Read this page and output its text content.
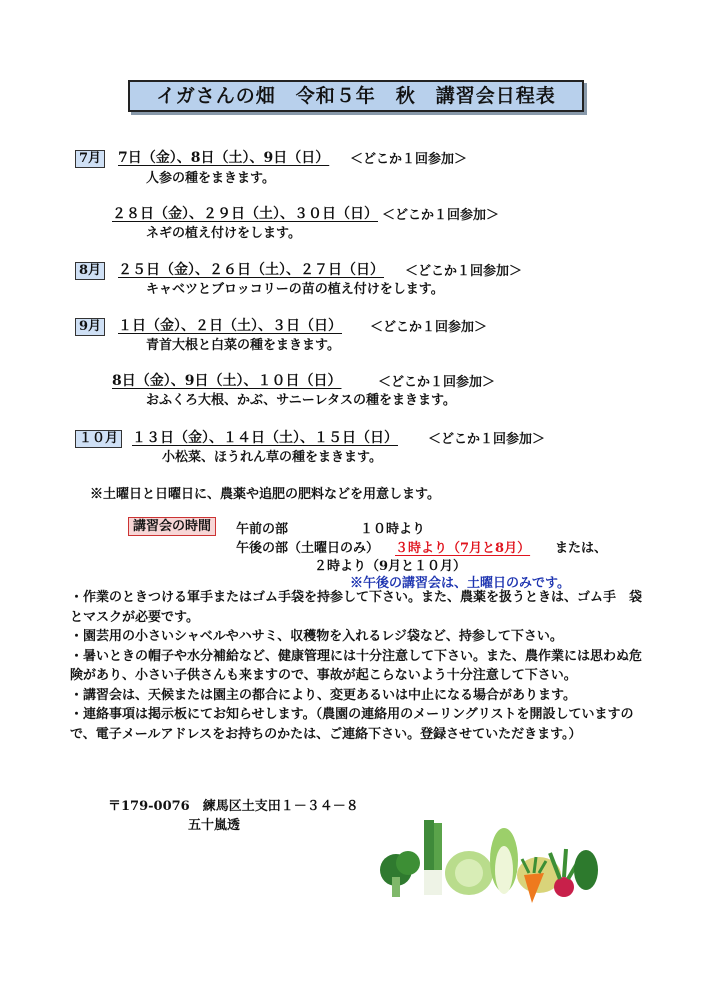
イガさんの畑　令和５年　秋　講習会日程表
7月 7日（金）、8日（土）、9日（日） ＜どこか１回参加＞
人参の種をまきます。
２８日（金）、２９日（土）、３０日（日） ＜どこか１回参加＞
ネギの植え付けをします。
8月 ２５日（金）、２６日（土）、２７日（日） ＜どこか１回参加＞
キャベツとブロッコリーの苗の植え付けをします。
9月 １日（金）、２日（土）、３日（日） ＜どこか１回参加＞
青首大根と白菜の種をまきます。
8日（金）、9日（土）、１０日（日）	＜どこか１回参加＞
おふくろ大根、かぶ、サニーレタスの種をまきます。
１０月 １３日（金）、１４日（土）、１５日（日） ＜どこか１回参加＞
小松菜、ほうれん草の種をまきます。
※土曜日と日曜日に、農薬や追肥の肥料などを用意します。
講習会の時間	午前の部	１０時より
午後の部（土曜日のみ） ３時より（7月と8月） または、
２時より（9月と１０月）
※午後の講習会は、土曜日のみです。
・作業のときつける軍手またはゴム手袋を持参して下さい。また、農薬を扱うときは、ゴム手　袋とマスクが必要です。
・園芸用の小さいシャベルやハサミ、収穫物を入れるレジ袋など、持参して下さい。
・暑いときの帽子や水分補給など、健康管理には十分注意して下さい。また、農作業には思わぬ危険があり、小さい子供さんも来ますので、事故が起こらないよう十分注意して下さい。
・講習会は、天候または園主の都合により、変更あるいは中止になる場合があります。
・連絡事項は掲示板にてお知らせします。（農園の連絡用のメーリングリストを開設していますので、電子メールアドレスをお持ちのかたは、ご連絡下さい。登録させていただきます。）
〒179-0076　練馬区土支田１－３４－８
五十嵐透
